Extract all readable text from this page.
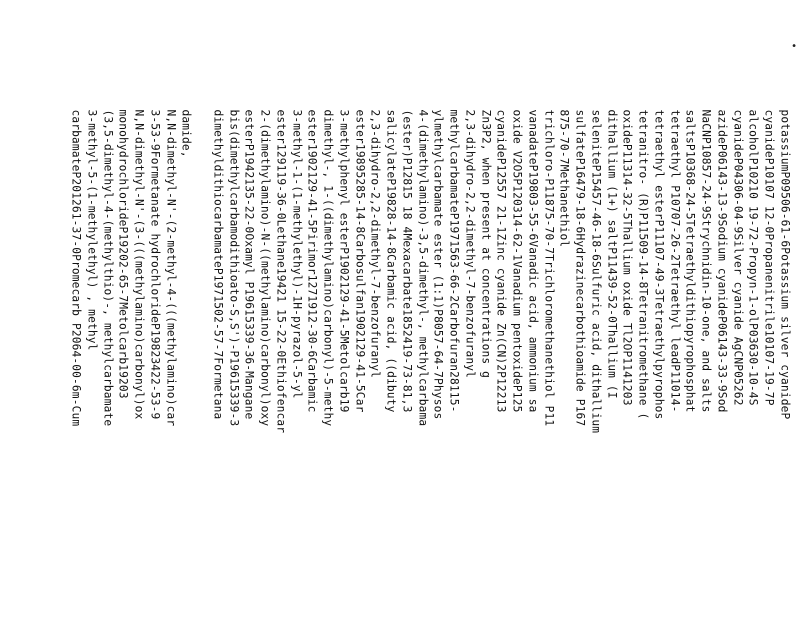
potassiumP09506-61-6Potassium silver cyanideP
cyanideP10107 12-0Propanenitrile10107-19-7P
alcoholP10210 19-72-Propyn-1-olP03630-10-4S
cyanideP04306-04-9Silver cyanide AgCNP05262
azideP06143-13-9Sodium cyanideP06143-33-9Sod
NaCNP10857-24-9Strychnidin-10-one, and salts
saltsP10368-24-5Tetraethyldithiopyrophosphat
tetraethyl P10707-26-2Tetraethyl leadP11014-
tetraethyl esterP11107-49-3Tetraethylpyrophos
tetranitro- (R)P11509-14-8Tetranitromethane (
oxideP11314-32-5Thallium oxide Tl2OP1141203
dithallium (1+) saltP11439-52-0Thallium (I
seleniteP15457-46-18-6Sulfuric acid, dithallium
sulfateP16479-18-6Hydrazinecarbothioamide P167
875-70-7Methanethiol
trichloro-P11875-70-7Trichloromethanethiol P11
vanadateP19803-55-6Vanadic acid, ammonium sa
oxide V2O5P120314-62-1Vanadium pentoxideP125
cyanideP12557 21-1Zinc cyanide Zn(CN)2P12213
Zn3P2, when present at concentrations g
2,3-dihydro-2,2-dimethyl-7-benzofuranyl
methylcarbamateP1971563-66-2Carbofuran28115-
ylmethylcarbamate ester (1:1)P8057-64-7Physos
4-(dimethylamino)-3,5-dimethyl-, methylcarbama
(ester)P12815 18 4Mexacarbate1852419-73-81,3
salicylateP19828-14-8Carbamic acid, ((dibuty
2,3-dihydro-2,2-dimethyl-7-benzofuranyl
ester19895285-14-8Carbosulfan1902129-41-5Car
3-methylphenyl esterP1902129-41-5Metolcarb19
dimethyl-, 1-((dimethylamino)carbonyl)-5-methy
ester1902129-41-5Pirimor1271912-30-6Carbamic
3-methyl-1-(1-methylethyl)-1H-pyrazol-5-yl
ester129119-36-0Lethane19421 15-22-0Ethiofencar
2-(dimethylamino)-N-((methylamino)carbonyl)oxy
esterP1942135-22-0Oxamyl P19615339-36-Mangane
bis(dimethylcarbamodithioato-S,S')-P19615339-3
dimethyldithiocarbamateP1971502-57-7Formetana
damide,
N,N-dimethyl-N'-(2-methyl-4-(((methylamino)car
3-53-9Formetanate hydrochlorideP19823422-53-9
N,N-dimethyl-N'-(3-(((methylamino)carbonyl)ox
monohydrochlorideP19202-65-7Metolcarb19203
(3,5-dimethyl-4-(methylthio)-, methylcarbamate
3-methyl-5-(1-methylethyl) , methyl
carbamateP201261-37-0Promecarb P2064-00-6m-Cum
•
